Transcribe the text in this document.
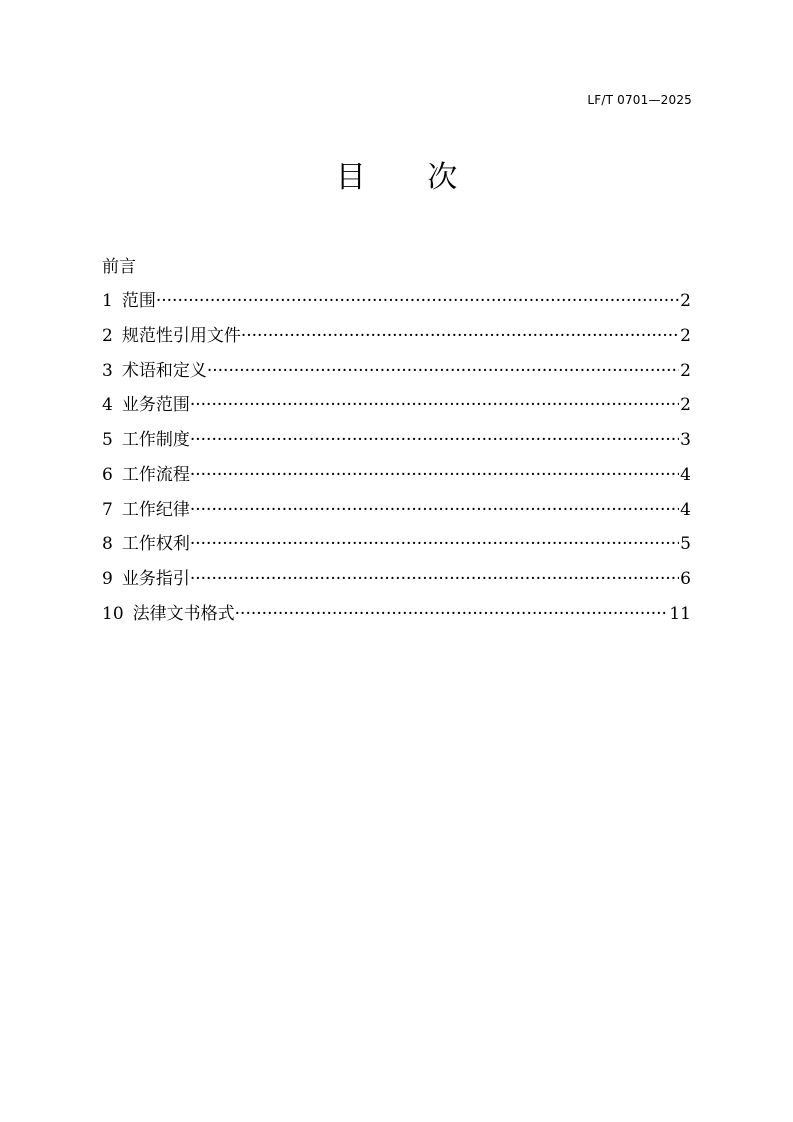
LF/T 0701—2025
目 次
前言
1 范围 ·····	2
2 规范性引用文件 ·····	2
3 术语和定义 ·····	2
4 业务范围 ·····	2
5 工作制度 ·····	3
6 工作流程 ·····	4
7 工作纪律 ·····	4
8 工作权利 ·····	5
9 业务指引 ·····	6
10 法律文书格式 ·····	11
